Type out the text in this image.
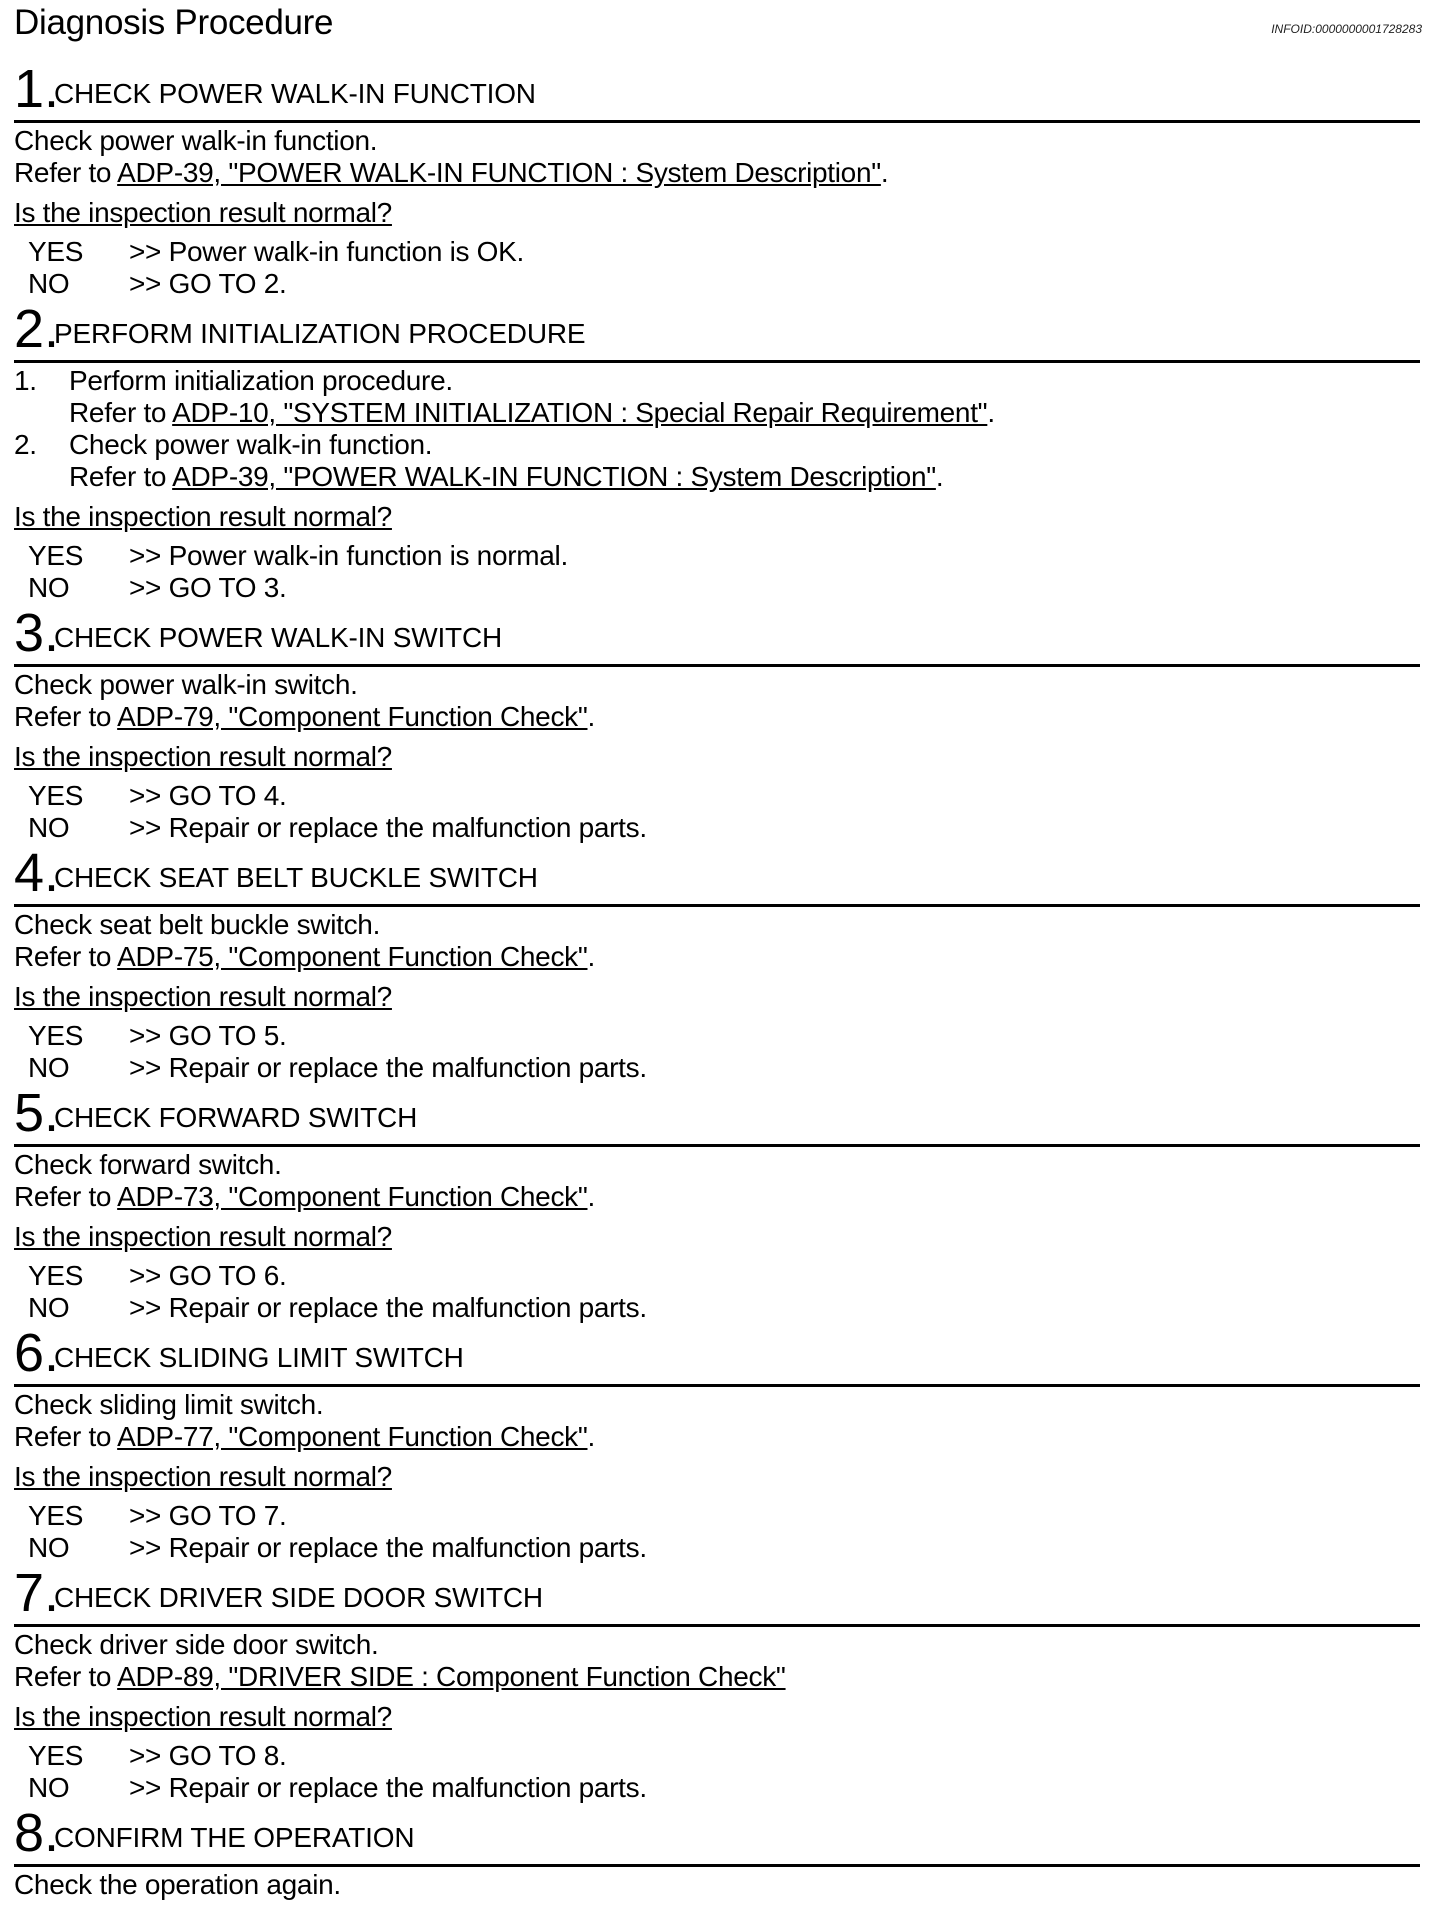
Diagnosis Procedure	INFOID:0000000001728283
1.
CHECK POWER WALK-IN FUNCTION
Check power walk-in function.
Refer to ADP-39, "POWER WALK-IN FUNCTION : System Description".
Is the inspection result normal?
YES >> Power walk-in function is OK.
NO >> GO TO 2.
2.
PERFORM INITIALIZATION PROCEDURE
1. Perform initialization procedure.
Refer to ADP-10, "SYSTEM INITIALIZATION : Special Repair Requirement".
2. Check power walk-in function.
Refer to ADP-39, "POWER WALK-IN FUNCTION : System Description".
Is the inspection result normal?
YES >> Power walk-in function is normal.
NO >> GO TO 3.
3.
CHECK POWER WALK-IN SWITCH
Check power walk-in switch.
Refer to ADP-79, "Component Function Check".
Is the inspection result normal?
YES >> GO TO 4.
NO >> Repair or replace the malfunction parts.
4.
CHECK SEAT BELT BUCKLE SWITCH
Check seat belt buckle switch.
Refer to ADP-75, "Component Function Check".
Is the inspection result normal?
YES >> GO TO 5.
NO >> Repair or replace the malfunction parts.
5.
CHECK FORWARD SWITCH
Check forward switch.
Refer to ADP-73, "Component Function Check".
Is the inspection result normal?
YES >> GO TO 6.
NO >> Repair or replace the malfunction parts.
6.
CHECK SLIDING LIMIT SWITCH
Check sliding limit switch.
Refer to ADP-77, "Component Function Check".
Is the inspection result normal?
YES >> GO TO 7.
NO >> Repair or replace the malfunction parts.
7.
CHECK DRIVER SIDE DOOR SWITCH
Check driver side door switch.
Refer to ADP-89, "DRIVER SIDE : Component Function Check"
Is the inspection result normal?
YES >> GO TO 8.
NO >> Repair or replace the malfunction parts.
8.
CONFIRM THE OPERATION
Check the operation again.
